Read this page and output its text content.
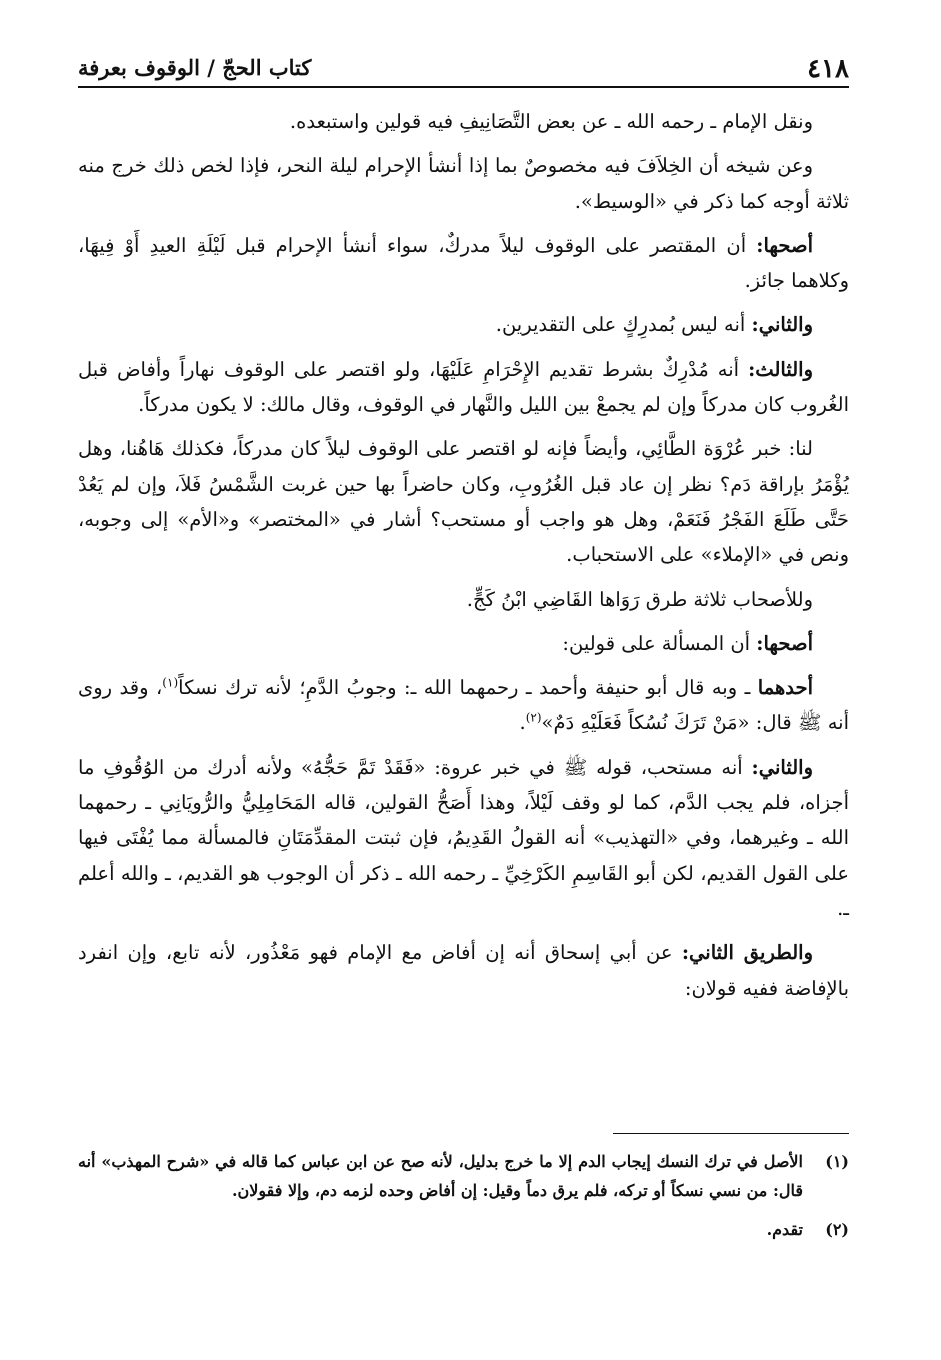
٤١٨
كتاب الحجّ / الوقوف بعرفة

ونقل الإمام ـ رحمه الله ـ عن بعض التَّصَانِيفِ فيه قولين واستبعده.

وعن شيخه أن الخِلاَفَ فيه مخصوصٌ بما إذا أنشأ الإحرام ليلة النحر، فإذا لخص ذلك خرج منه ثلاثة أوجه كما ذكر في «الوسيط».

أصحها: أن المقتصر على الوقوف ليلاً مدركٌ، سواء أنشأ الإحرام قبل لَيْلَةِ العيدِ أَوْ فِيهَا، وكلاهما جائز.

والثاني: أنه ليس بُمدرِكٍ على التقديرين.

والثالث: أنه مُدْرِكٌ بشرط تقديم الإِحْرَامِ عَلَيْهَا، ولو اقتصر على الوقوف نهاراً وأفاض قبل الغُروب كان مدركاً وإن لم يجمعْ بين الليل والنَّهار في الوقوف، وقال مالك: لا يكون مدركاً.

لنا: خبر عُرْوَة الطَّائِي، وأيضاً فإنه لو اقتصر على الوقوف ليلاً كان مدركاً، فكذلك هَاهُنا، وهل يُؤْمَرُ بإراقة دَم؟ نظر إن عاد قبل الغُرُوبِ، وكان حاضراً بها حين غربت الشَّمْسُ فَلاَ، وإن لم يَعُدْ حَتَّى طَلَعَ الفَجْرُ فَنَعَمْ، وهل هو واجب أو مستحب؟ أشار في «المختصر» و«الأم» إلى وجوبه، ونص في «الإملاء» على الاستحباب.

وللأصحاب ثلاثة طرق رَوَاها القَاضِي ابْنُ كَجٍّ.

أصحها: أن المسألة على قولين:

أحدهما ـ وبه قال أبو حنيفة وأحمد ـ رحمهما الله ـ: وجوبُ الدَّمِ؛ لأنه ترك نسكاً$^{(١)}$، وقد روى أنه ﷺ قال: «مَنْ تَرَكَ نُسُكاً فَعَلَيْهِ دَمٌ»$^{(٢)}$.

والثاني: أنه مستحب، قوله ﷺ في خبر عروة: «فَقَدْ تَمَّ حَجُّهُ» ولأنه أدرك من الوُقُوفِ ما أجزاه، فلم يجب الدَّم، كما لو وقف لَيْلاً، وهذا أَصَحُّ القولين، قاله المَحَامِلِيُّ والرُّويَانِي ـ رحمهما الله ـ وغيرهما، وفي «التهذيب» أنه القولُ القَدِيمُ، فإن ثبتت المقدِّمَتَانِ فالمسألة مما يُفْتَى فيها على القول القديم، لكن أبو القَاسِمِ الكَرْخِيِّ ـ رحمه الله ـ ذكر أن الوجوب هو القديم، ـ والله أعلم ـ.

والطريق الثاني: عن أبي إسحاق أنه إن أفاض مع الإمام فهو مَعْذُور، لأنه تابع، وإن انفرد بالإفاضة ففيه قولان:

(١)
الأصل في ترك النسك إيجاب الدم إلا ما خرج بدليل، لأنه صح عن ابن عباس كما قاله في «شرح المهذب» أنه قال: من نسي نسكاً أو تركه، فلم يرق دماً وقيل: إن أفاض وحده لزمه دم، وإلا فقولان.
(٢)
تقدم.
